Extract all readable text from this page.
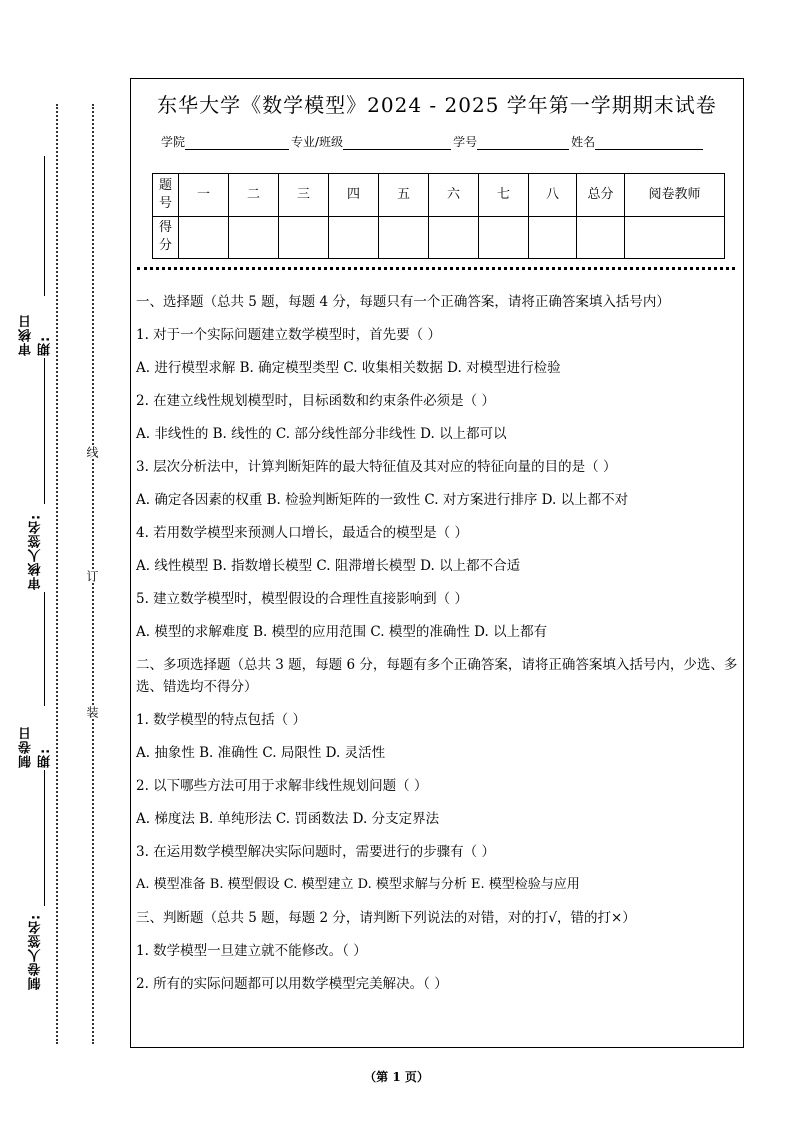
审核日期:
审核人签名:
制卷日期:
制卷人签名:
线
订
装
东华大学《数学模型》2024 - 2025 学年第一学期期末试卷
学院	专业/班级	学号	姓名
题号	一	二	三	四	五	六	七	八	总分	阅卷教师
得分										

一、选择题（总共 5 题，每题 4 分，每题只有一个正确答案，请将正确答案填入括号内）

1. 对于一个实际问题建立数学模型时，首先要（ ）

A. 进行模型求解 B. 确定模型类型 C. 收集相关数据 D. 对模型进行检验

2. 在建立线性规划模型时，目标函数和约束条件必须是（ ）

A. 非线性的 B. 线性的 C. 部分线性部分非线性 D. 以上都可以

3. 层次分析法中，计算判断矩阵的最大特征值及其对应的特征向量的目的是（ ）

A. 确定各因素的权重 B. 检验判断矩阵的一致性 C. 对方案进行排序 D. 以上都不对

4. 若用数学模型来预测人口增长，最适合的模型是（ ）

A. 线性模型 B. 指数增长模型 C. 阻滞增长模型 D. 以上都不合适

5. 建立数学模型时，模型假设的合理性直接影响到（ ）

A. 模型的求解难度 B. 模型的应用范围 C. 模型的准确性 D. 以上都有

二、多项选择题（总共 3 题，每题 6 分，每题有多个正确答案，请将正确答案填入括号内，少选、多选、错选均不得分）

1. 数学模型的特点包括（ ）

A. 抽象性 B. 准确性 C. 局限性 D. 灵活性

2. 以下哪些方法可用于求解非线性规划问题（ ）

A. 梯度法 B. 单纯形法 C. 罚函数法 D. 分支定界法

3. 在运用数学模型解决实际问题时，需要进行的步骤有（ ）

A. 模型准备 B. 模型假设 C. 模型建立 D. 模型求解与分析 E. 模型检验与应用

三、判断题（总共 5 题，每题 2 分，请判断下列说法的对错，对的打√，错的打×）

1. 数学模型一旦建立就不能修改。（ ）

2. 所有的实际问题都可以用数学模型完美解决。（ ）

（第 1 页）
